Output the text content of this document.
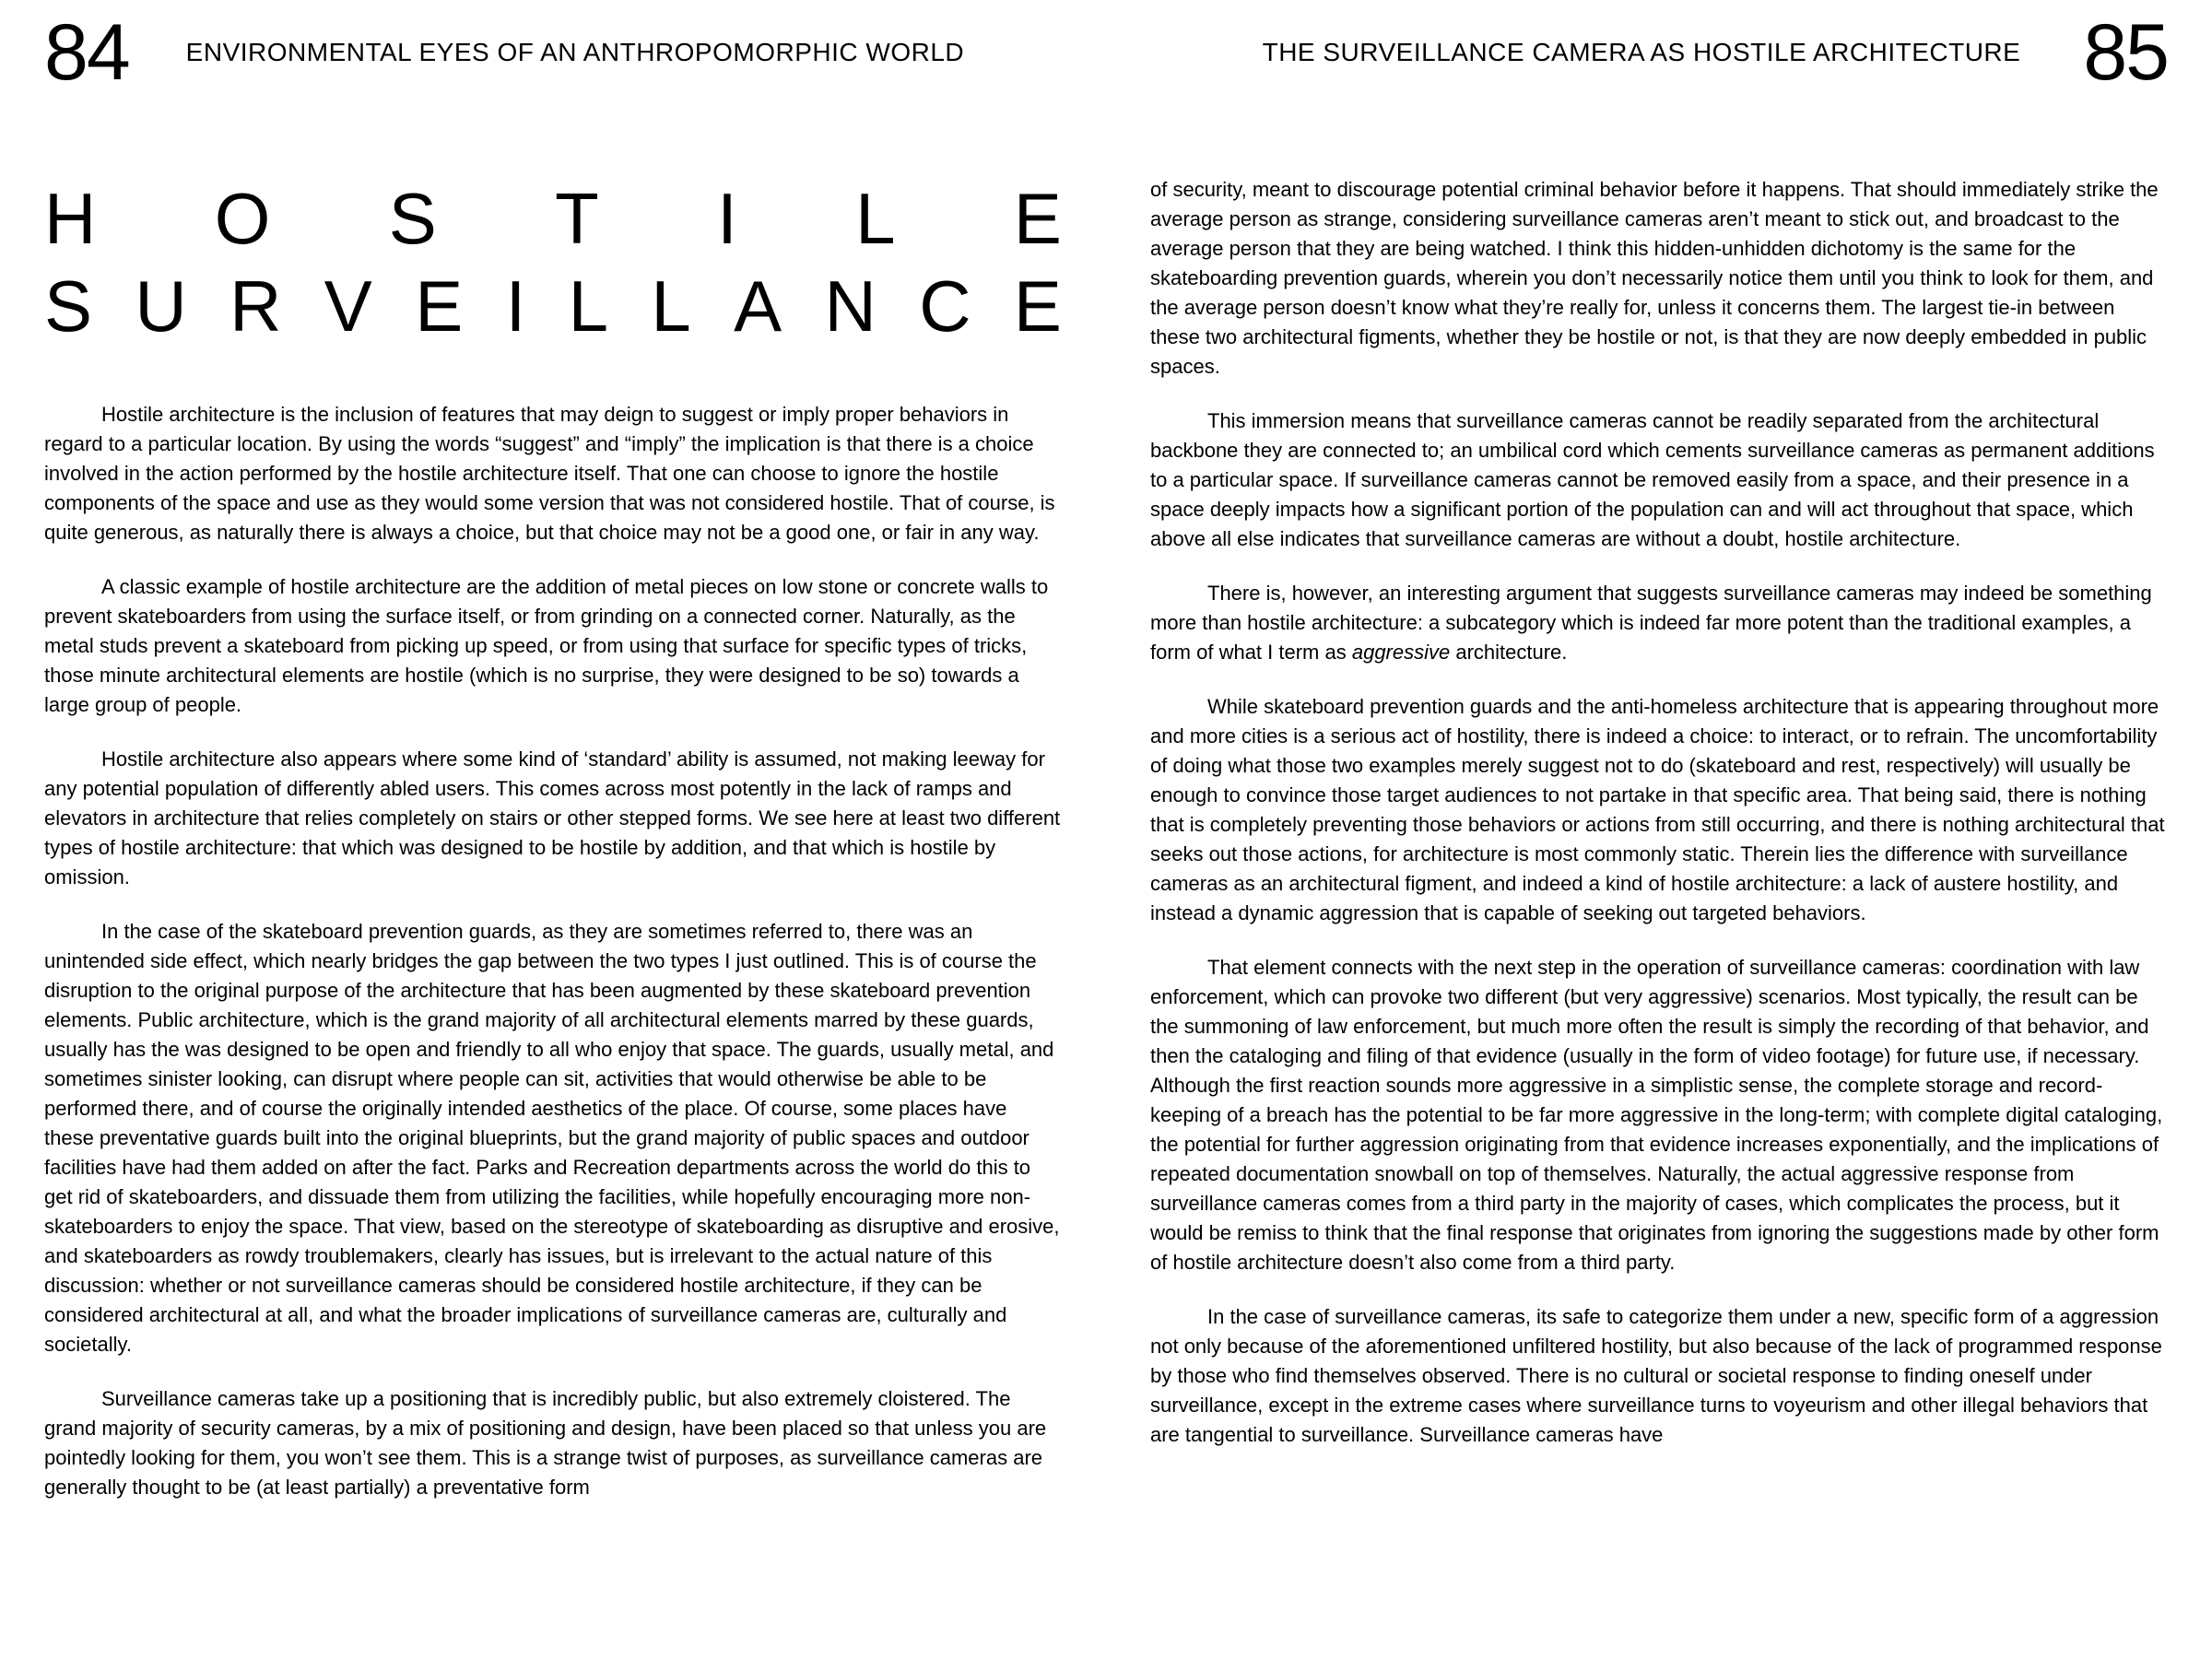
84 ENVIRONMENTAL EYES OF AN ANTHROPOMORPHIC WORLD
H O S T I L E
S U R V E I L L A N C E

Hostile architecture is the inclusion of features that may deign to suggest or imply proper behaviors in regard to a particular location. By using the words “suggest” and “imply” the implication is that there is a choice involved in the action performed by the hostile architecture itself. That one can choose to ignore the hostile components of the space and use as they would some version that was not considered hostile. That of course, is quite generous, as naturally there is always a choice, but that choice may not be a good one, or fair in any way.

A classic example of hostile architecture are the addition of metal pieces on low stone or concrete walls to prevent skateboarders from using the surface itself, or from grinding on a connected corner. Naturally, as the metal studs prevent a skateboard from picking up speed, or from using that surface for specific types of tricks, those minute architectural elements are hostile (which is no surprise, they were designed to be so) towards a large group of people.

Hostile architecture also appears where some kind of ‘standard’ ability is assumed, not making leeway for any potential population of differently abled users. This comes across most potently in the lack of ramps and elevators in architecture that relies completely on stairs or other stepped forms. We see here at least two different types of hostile architecture: that which was designed to be hostile by addition, and that which is hostile by omission.

In the case of the skateboard prevention guards, as they are sometimes referred to, there was an unintended side effect, which nearly bridges the gap between the two types I just outlined. This is of course the disruption to the original purpose of the architecture that has been augmented by these skateboard prevention elements. Public architecture, which is the grand majority of all architectural elements marred by these guards, usually has the was designed to be open and friendly to all who enjoy that space. The guards, usually metal, and sometimes sinister looking, can disrupt where people can sit, activities that would otherwise be able to be performed there, and of course the originally intended aesthetics of the place. Of course, some places have these preventative guards built into the original blueprints, but the grand majority of public spaces and outdoor facilities have had them added on after the fact. Parks and Recreation departments across the world do this to get rid of skateboarders, and dissuade them from utilizing the facilities, while hopefully encouraging more non-skateboarders to enjoy the space. That view, based on the stereotype of skateboarding as disruptive and erosive, and skateboarders as rowdy troublemakers, clearly has issues, but is irrelevant to the actual nature of this discussion: whether or not surveillance cameras should be considered hostile architecture, if they can be considered architectural at all, and what the broader implications of surveillance cameras are, culturally and societally.

Surveillance cameras take up a positioning that is incredibly public, but also extremely cloistered. The grand majority of security cameras, by a mix of positioning and design, have been placed so that unless you are pointedly looking for them, you won’t see them. This is a strange twist of purposes, as surveillance cameras are generally thought to be (at least partially) a preventative form

THE SURVEILLANCE CAMERA AS HOSTILE ARCHITECTURE 85

of security, meant to discourage potential criminal behavior before it happens. That should immediately strike the average person as strange, considering surveillance cameras aren’t meant to stick out, and broadcast to the average person that they are being watched. I think this hidden-unhidden dichotomy is the same for the skateboarding prevention guards, wherein you don’t necessarily notice them until you think to look for them, and the average person doesn’t know what they’re really for, unless it concerns them. The largest tie-in between these two architectural figments, whether they be hostile or not, is that they are now deeply embedded in public spaces.

This immersion means that surveillance cameras cannot be readily separated from the architectural backbone they are connected to; an umbilical cord which cements surveillance cameras as permanent additions to a particular space. If surveillance cameras cannot be removed easily from a space, and their presence in a space deeply impacts how a significant portion of the population can and will act throughout that space, which above all else indicates that surveillance cameras are without a doubt, hostile architecture.

There is, however, an interesting argument that suggests surveillance cameras may indeed be something more than hostile architecture: a subcategory which is indeed far more potent than the traditional examples, a form of what I term as aggressive architecture.

While skateboard prevention guards and the anti-homeless architecture that is appearing throughout more and more cities is a serious act of hostility, there is indeed a choice: to interact, or to refrain. The uncomfortability of doing what those two examples merely suggest not to do (skateboard and rest, respectively) will usually be enough to convince those target audiences to not partake in that specific area. That being said, there is nothing that is completely preventing those behaviors or actions from still occurring, and there is nothing architectural that seeks out those actions, for architecture is most commonly static. Therein lies the difference with surveillance cameras as an architectural figment, and indeed a kind of hostile architecture: a lack of austere hostility, and instead a dynamic aggression that is capable of seeking out targeted behaviors.

That element connects with the next step in the operation of surveillance cameras: coordination with law enforcement, which can provoke two different (but very aggressive) scenarios. Most typically, the result can be the summoning of law enforcement, but much more often the result is simply the recording of that behavior, and then the cataloging and filing of that evidence (usually in the form of video footage) for future use, if necessary. Although the first reaction sounds more aggressive in a simplistic sense, the complete storage and record-keeping of a breach has the potential to be far more aggressive in the long-term; with complete digital cataloging, the potential for further aggression originating from that evidence increases exponentially, and the implications of repeated documentation snowball on top of themselves. Naturally, the actual aggressive response from surveillance cameras comes from a third party in the majority of cases, which complicates the process, but it would be remiss to think that the final response that originates from ignoring the suggestions made by other form of hostile architecture doesn’t also come from a third party.

In the case of surveillance cameras, its safe to categorize them under a new, specific form of a aggression not only because of the aforementioned unfiltered hostility, but also because of the lack of programmed response by those who find themselves observed. There is no cultural or societal response to finding oneself under surveillance, except in the extreme cases where surveillance turns to voyeurism and other illegal behaviors that are tangential to surveillance. Surveillance cameras have
